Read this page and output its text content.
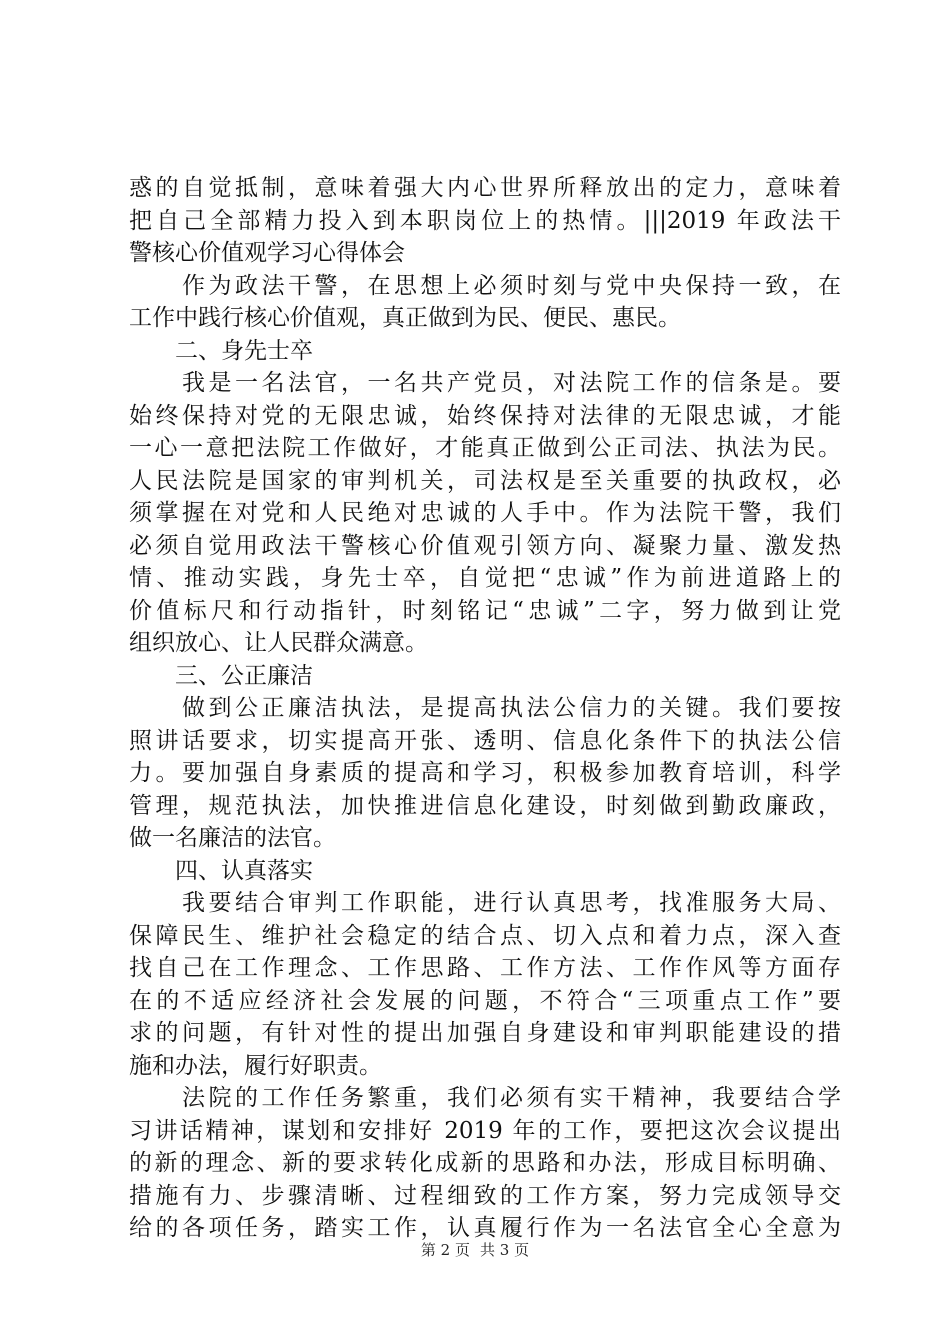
惑的自觉抵制，意味着强大内心世界所释放出的定力，意味着
把自己全部精力投入到本职岗位上的热情。|||2019 年政法干
警核心价值观学习心得体会
　　作为政法干警，在思想上必须时刻与党中央保持一致，在
工作中践行核心价值观，真正做到为民、便民、惠民。
　　二、身先士卒
　　我是一名法官，一名共产党员，对法院工作的信条是。要
始终保持对党的无限忠诚，始终保持对法律的无限忠诚，才能
一心一意把法院工作做好，才能真正做到公正司法、执法为民。
人民法院是国家的审判机关，司法权是至关重要的执政权，必
须掌握在对党和人民绝对忠诚的人手中。作为法院干警，我们
必须自觉用政法干警核心价值观引领方向、凝聚力量、激发热
情、推动实践，身先士卒，自觉把“忠诚”作为前进道路上的
价值标尺和行动指针，时刻铭记“忠诚”二字，努力做到让党
组织放心、让人民群众满意。
　　三、公正廉洁
　　做到公正廉洁执法，是提高执法公信力的关键。我们要按
照讲话要求，切实提高开张、透明、信息化条件下的执法公信
力。要加强自身素质的提高和学习，积极参加教育培训，科学
管理，规范执法，加快推进信息化建设，时刻做到勤政廉政，
做一名廉洁的法官。
　　四、认真落实
　　我要结合审判工作职能，进行认真思考，找准服务大局、
保障民生、维护社会稳定的结合点、切入点和着力点，深入查
找自己在工作理念、工作思路、工作方法、工作作风等方面存
在的不适应经济社会发展的问题，不符合“三项重点工作”要
求的问题，有针对性的提出加强自身建设和审判职能建设的措
施和办法，履行好职责。
　　法院的工作任务繁重，我们必须有实干精神，我要结合学
习讲话精神，谋划和安排好 2019 年的工作，要把这次会议提出
的新的理念、新的要求转化成新的思路和办法，形成目标明确、
措施有力、步骤清晰、过程细致的工作方案，努力完成领导交
给的各项任务，踏实工作，认真履行作为一名法官全心全意为
第 2 页 共 3 页
